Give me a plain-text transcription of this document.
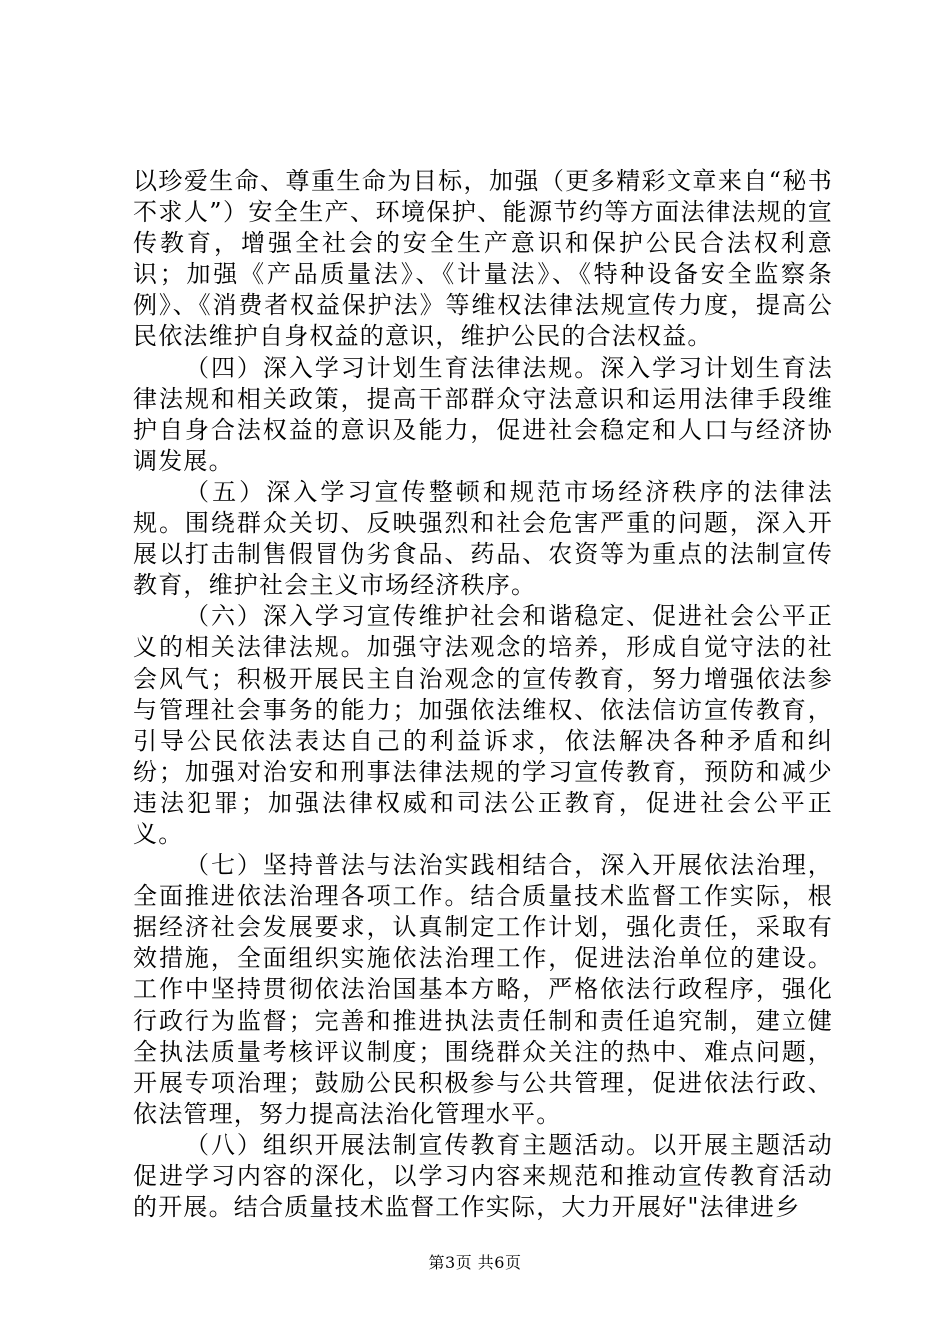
以珍爱生命、尊重生命为目标，加强（更多精彩文章来自“秘书不求人”）安全生产、环境保护、能源节约等方面法律法规的宣传教育，增强全社会的安全生产意识和保护公民合法权利意识；加强《产品质量法》、《计量法》、《特种设备安全监察条例》、《消费者权益保护法》等维权法律法规宣传力度，提高公民依法维护自身权益的意识，维护公民的合法权益。

（四）深入学习计划生育法律法规。深入学习计划生育法律法规和相关政策，提高干部群众守法意识和运用法律手段维护自身合法权益的意识及能力，促进社会稳定和人口与经济协调发展。

（五）深入学习宣传整顿和规范市场经济秩序的法律法规。围绕群众关切、反映强烈和社会危害严重的问题，深入开展以打击制售假冒伪劣食品、药品、农资等为重点的法制宣传教育，维护社会主义市场经济秩序。

（六）深入学习宣传维护社会和谐稳定、促进社会公平正义的相关法律法规。加强守法观念的培养，形成自觉守法的社会风气；积极开展民主自治观念的宣传教育，努力增强依法参与管理社会事务的能力；加强依法维权、依法信访宣传教育，引导公民依法表达自己的利益诉求，依法解决各种矛盾和纠纷；加强对治安和刑事法律法规的学习宣传教育，预防和减少违法犯罪；加强法律权威和司法公正教育，促进社会公平正义。

（七）坚持普法与法治实践相结合，深入开展依法治理，全面推进依法治理各项工作。结合质量技术监督工作实际，根据经济社会发展要求，认真制定工作计划，强化责任，采取有效措施，全面组织实施依法治理工作，促进法治单位的建设。工作中坚持贯彻依法治国基本方略，严格依法行政程序，强化行政行为监督；完善和推进执法责任制和责任追究制，建立健全执法质量考核评议制度；围绕群众关注的热中、难点问题，开展专项治理；鼓励公民积极参与公共管理，促进依法行政、依法管理，努力提高法治化管理水平。

（八）组织开展法制宣传教育主题活动。以开展主题活动促进学习内容的深化，以学习内容来规范和推动宣传教育活动的开展。结合质量技术监督工作实际，大力开展好"法律进乡

第3页 共6页
